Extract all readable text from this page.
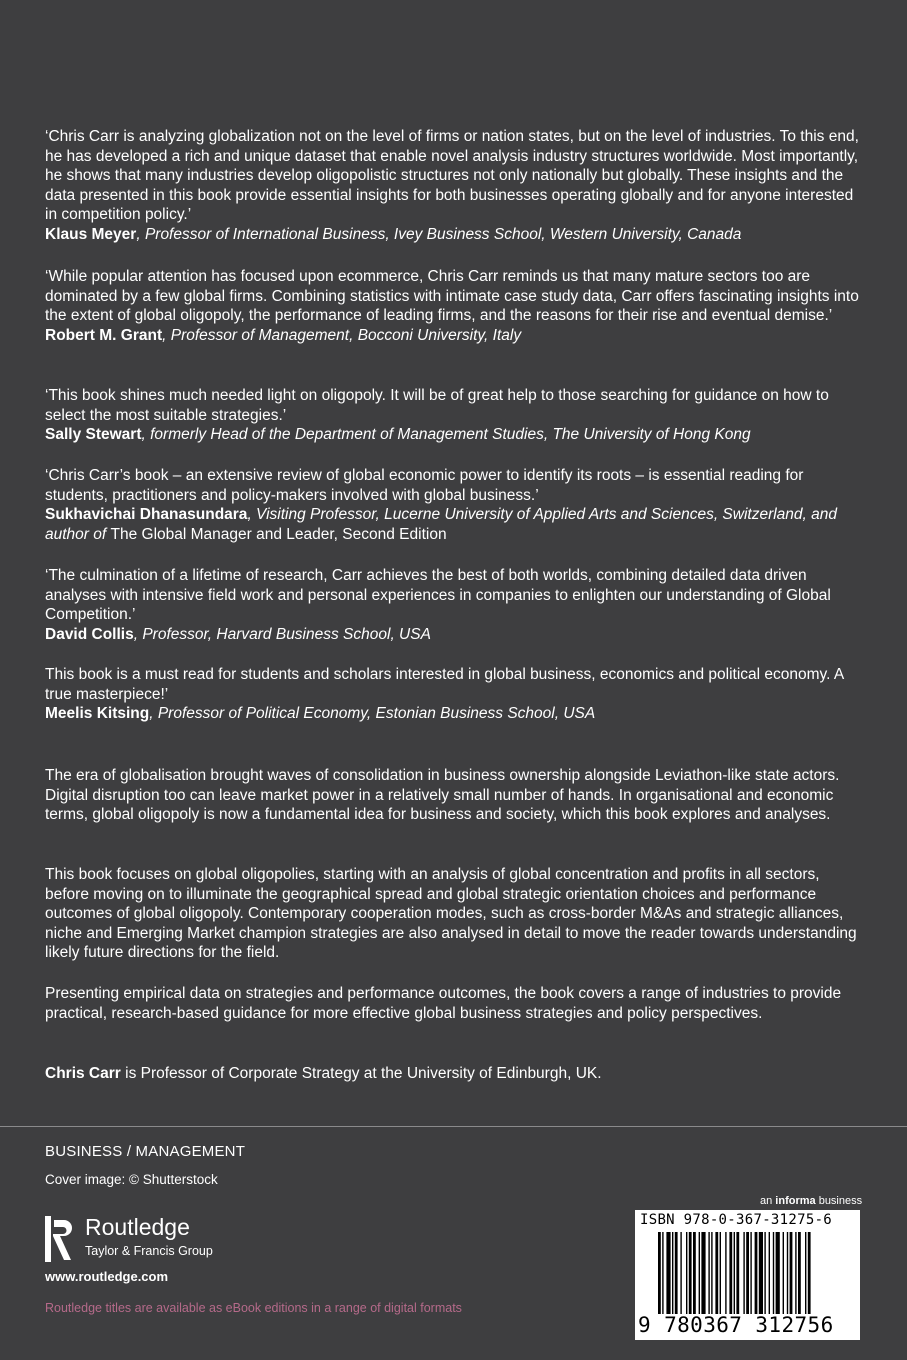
‘Chris Carr is analyzing globalization not on the level of firms or nation states, but on the level of industries. To this end, he has developed a rich and unique dataset that enable novel analysis industry structures worldwide. Most importantly, he shows that many industries develop oligopolistic structures not only nationally but globally. These insights and the data presented in this book provide essential insights for both businesses operating globally and for anyone interested in competition policy.’

Klaus Meyer, Professor of International Business, Ivey Business School, Western University, Canada

‘While popular attention has focused upon ecommerce, Chris Carr reminds us that many mature sectors too are dominated by a few global firms. Combining statistics with intimate case study data, Carr offers fascinating insights into the extent of global oligopoly, the performance of leading firms, and the reasons for their rise and eventual demise.’

Robert M. Grant, Professor of Management, Bocconi University, Italy

‘This book shines much needed light on oligopoly. It will be of great help to those searching for guidance on how to select the most suitable strategies.’

Sally Stewart, formerly Head of the Department of Management Studies, The University of Hong Kong

‘Chris Carr’s book – an extensive review of global economic power to identify its roots – is essential reading for students, practitioners and policy-makers involved with global business.’

Sukhavichai Dhanasundara, Visiting Professor, Lucerne University of Applied Arts and Sciences, Switzerland, and author of The Global Manager and Leader, Second Edition

‘The culmination of a lifetime of research, Carr achieves the best of both worlds, combining detailed data driven analyses with intensive field work and personal experiences in companies to enlighten our understanding of Global Competition.’

David Collis, Professor, Harvard Business School, USA

This book is a must read for students and scholars interested in global business, economics and political economy. A true masterpiece!’

Meelis Kitsing, Professor of Political Economy, Estonian Business School, USA

The era of globalisation brought waves of consolidation in business ownership alongside Leviathon-like state actors. Digital disruption too can leave market power in a relatively small number of hands. In organisational and economic terms, global oligopoly is now a fundamental idea for business and society, which this book explores and analyses.

This book focuses on global oligopolies, starting with an analysis of global concentration and profits in all sectors, before moving on to illuminate the geographical spread and global strategic orientation choices and performance outcomes of global oligopoly. Contemporary cooperation modes, such as cross-border M&As and strategic alliances, niche and Emerging Market champion strategies are also analysed in detail to move the reader towards understanding likely future directions for the field.

Presenting empirical data on strategies and performance outcomes, the book covers a range of industries to provide practical, research-based guidance for more effective global business strategies and policy perspectives.

Chris Carr is Professor of Corporate Strategy at the University of Edinburgh, UK.

BUSINESS / MANAGEMENT
Cover image: © Shutterstock
Routledge
Taylor & Francis Group
www.routledge.com
Routledge titles are available as eBook editions in a range of digital formats
an informa business
ISBN 978-0-367-31275-6
9 780367 312756
